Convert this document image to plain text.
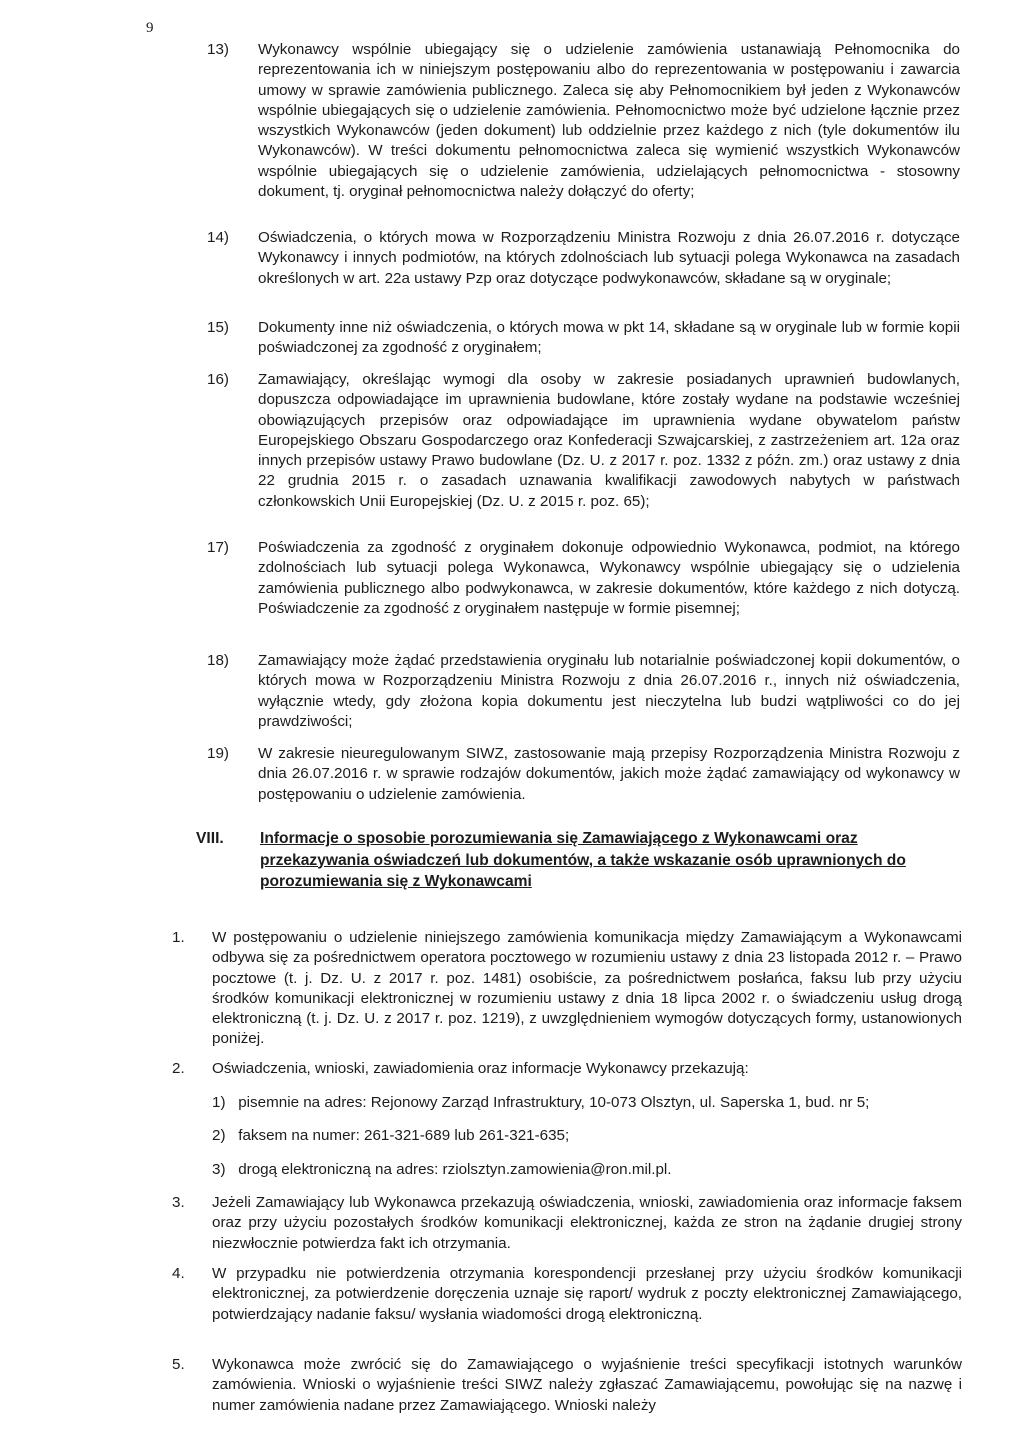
9
13) Wykonawcy wspólnie ubiegający się o udzielenie zamówienia ustanawiają Pełnomocnika do reprezentowania ich w niniejszym postępowaniu albo do reprezentowania w postępowaniu i zawarcia umowy w sprawie zamówienia publicznego. Zaleca się aby Pełnomocnikiem był jeden z Wykonawców wspólnie ubiegających się o udzielenie zamówienia. Pełnomocnictwo może być udzielone łącznie przez wszystkich Wykonawców (jeden dokument) lub oddzielnie przez każdego z nich (tyle dokumentów ilu Wykonawców). W treści dokumentu pełnomocnictwa zaleca się wymienić wszystkich Wykonawców wspólnie ubiegających się o udzielenie zamówienia, udzielających pełnomocnictwa - stosowny dokument, tj. oryginał pełnomocnictwa należy dołączyć do oferty;
14) Oświadczenia, o których mowa w Rozporządzeniu Ministra Rozwoju z dnia 26.07.2016 r. dotyczące Wykonawcy i innych podmiotów, na których zdolnościach lub sytuacji polega Wykonawca na zasadach określonych w art. 22a ustawy Pzp oraz dotyczące podwykonawców, składane są w oryginale;
15) Dokumenty inne niż oświadczenia, o których mowa w pkt 14, składane są w oryginale lub w formie kopii poświadczonej za zgodność z oryginałem;
16) Zamawiający, określając wymogi dla osoby w zakresie posiadanych uprawnień budowlanych, dopuszcza odpowiadające im uprawnienia budowlane, które zostały wydane na podstawie wcześniej obowiązujących przepisów oraz odpowiadające im uprawnienia wydane obywatelom państw Europejskiego Obszaru Gospodarczego oraz Konfederacji Szwajcarskiej, z zastrzeżeniem art. 12a oraz innych przepisów ustawy Prawo budowlane (Dz. U. z 2017 r. poz. 1332 z późn. zm.) oraz ustawy z dnia 22 grudnia 2015 r. o zasadach uznawania kwalifikacji zawodowych nabytych w państwach członkowskich Unii Europejskiej (Dz. U. z 2015 r. poz. 65);
17) Poświadczenia za zgodność z oryginałem dokonuje odpowiednio Wykonawca, podmiot, na którego zdolnościach lub sytuacji polega Wykonawca, Wykonawcy wspólnie ubiegający się o udzielenia zamówienia publicznego albo podwykonawca, w zakresie dokumentów, które każdego z nich dotyczą. Poświadczenie za zgodność z oryginałem następuje w formie pisemnej;
18) Zamawiający może żądać przedstawienia oryginału lub notarialnie poświadczonej kopii dokumentów, o których mowa w Rozporządzeniu Ministra Rozwoju z dnia 26.07.2016 r., innych niż oświadczenia, wyłącznie wtedy, gdy złożona kopia dokumentu jest nieczytelna lub budzi wątpliwości co do jej prawdziwości;
19) W zakresie nieuregulowanym SIWZ, zastosowanie mają przepisy Rozporządzenia Ministra Rozwoju z dnia 26.07.2016 r. w sprawie rodzajów dokumentów, jakich może żądać zamawiający od wykonawcy w postępowaniu o udzielenie zamówienia.
VIII. Informacje o sposobie porozumiewania się Zamawiającego z Wykonawcami oraz przekazywania oświadczeń lub dokumentów, a także wskazanie osób uprawnionych do porozumiewania się z Wykonawcami
1. W postępowaniu o udzielenie niniejszego zamówienia komunikacja między Zamawiającym a Wykonawcami odbywa się za pośrednictwem operatora pocztowego w rozumieniu ustawy z dnia 23 listopada 2012 r. – Prawo pocztowe (t. j. Dz. U. z 2017 r. poz. 1481) osobiście, za pośrednictwem posłańca, faksu lub przy użyciu środków komunikacji elektronicznej w rozumieniu ustawy z dnia 18 lipca 2002 r. o świadczeniu usług drogą elektroniczną (t. j. Dz. U. z 2017 r. poz. 1219), z uwzględnieniem wymogów dotyczących formy, ustanowionych poniżej.
2. Oświadczenia, wnioski, zawiadomienia oraz informacje Wykonawcy przekazują:
1) pisemnie na adres: Rejonowy Zarząd Infrastruktury, 10-073 Olsztyn, ul. Saperska 1, bud. nr 5;
2) faksem na numer: 261-321-689 lub 261-321-635;
3) drogą elektroniczną na adres: rziolsztyn.zamowienia@ron.mil.pl.
3. Jeżeli Zamawiający lub Wykonawca przekazują oświadczenia, wnioski, zawiadomienia oraz informacje faksem oraz przy użyciu pozostałych środków komunikacji elektronicznej, każda ze stron na żądanie drugiej strony niezwłocznie potwierdza fakt ich otrzymania.
4. W przypadku nie potwierdzenia otrzymania korespondencji przesłanej przy użyciu środków komunikacji elektronicznej, za potwierdzenie doręczenia uznaje się raport/ wydruk z poczty elektronicznej Zamawiającego, potwierdzający nadanie faksu/ wysłania wiadomości drogą elektroniczną.
5. Wykonawca może zwrócić się do Zamawiającego o wyjaśnienie treści specyfikacji istotnych warunków zamówienia. Wnioski o wyjaśnienie treści SIWZ należy zgłaszać Zamawiającemu, powołując się na nazwę i numer zamówienia nadane przez Zamawiającego. Wnioski należy
